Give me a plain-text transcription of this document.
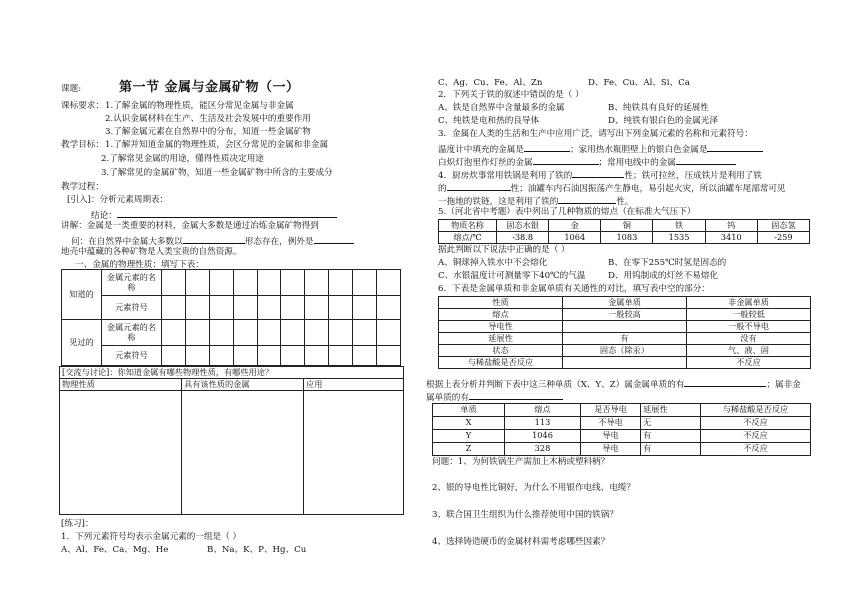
课题:	第一节 金属与金属矿物（一）
课标要求： 1.了解金属的物理性质，能区分常见金属与非金属
2.认识金属材料在生产、生活及社会发展中的重要作用
3.了解金属元素在自然界中的分布，知道一些金属矿物
教学目标： 1.了解并知道金属的物理性质，会区分常见的金属和非金属
2.了解常见金属的用途，懂得性质决定用途
3.了解常见的金属矿物，知道一些金属矿物中所含的主要成分
教学过程：
[引入]：分析元素周期表：
结论：
讲解：金属是一类重要的材料，金属大多数是通过冶炼金属矿物得到
问：在自然界中金属大多数以	形态存在，例外是
地壳中蕴藏的各种矿物是人类宝贵的自然资源。
一、金属的物理性质：填写下表：
知道的	金属元素的名称										
	元素符号										
见过的	金属元素的名称										
	元素符号										
[交流与讨论]：你知道金属有哪些物理性质，有哪些用途？		
物理性质	具有该性质的金属	应用

[练习]：
1．下列元素符号均表示金属元素的一组是（ ）
A、Al、Fe、Ca、Mg、He	B、Na、K、P、Hg、Cu
C、Ag、Cu、Fe、Al、Zn	D、Fe、Cu、Al、Si、Ca
2．下列关于铁的叙述中错误的是（ ）
A、铁是自然界中含量最多的金属	B、纯铁具有良好的延展性
C、纯铁是电和热的良导体	D、纯铁有银白色的金属光泽
3．金属在人类的生活和生产中应用广泛，请写出下列金属元素的名称和元素符号：
温度计中填充的金属是	；家用热水瓶胆壁上的银白色金属是
白炽灯泡里作灯丝的金属	；常用电线中的金属
4．厨房炊事常用铁锅是利用了铁的	性；铁可拉丝，压成铁片是利用了铁
的	性；油罐车内石油因振荡产生静电，易引起火灾，所以油罐车尾部常可见
一拖地的铁链，这是利用了铁的	性。
5.（河北省中考题）表中列出了几种物质的熔点（在标准大气压下）
物质名称	固态水银	金	铜	铁	钨	固态氢
熔点/℃	-38.8	1064	1083	1535	3410	-259
据此判断以下说法中正确的是（ ）
A、铜球掉入铁水中不会熔化	B、在零下255℃时氢是固态的
C、水银温度计可测量零下40℃的气温	D、用钨制成的灯丝不易熔化
6．下表是金属单质和非金属单质有关通性的对比，填写表中空的部分：
性质	金属单质	非金属单质
熔点	一般较高	一般较低
导电性		一般不导电
延展性	有	没有
状态	固态（除汞）	气、液、固
与稀盐酸是否反应		不反应
根据上表分析并判断下表中这三种单质（X、Y、Z）属金属单质的有	；属非金
属单质的有
单质	熔点	是否导电	延展性	与稀盐酸是否反应
X	113	不导电	无	不反应
Y	1046	导电	有	不反应
Z	328	导电	有	不反应
问题：1、为何铁锅生产需加上木柄或塑料柄？
2、银的导电性比铜好，为什么不用银作电线、电缆？
3、联合国卫生组织为什么推荐使用中国的铁锅？
4、选择铸造硬币的金属材料需考虑哪些因素？
